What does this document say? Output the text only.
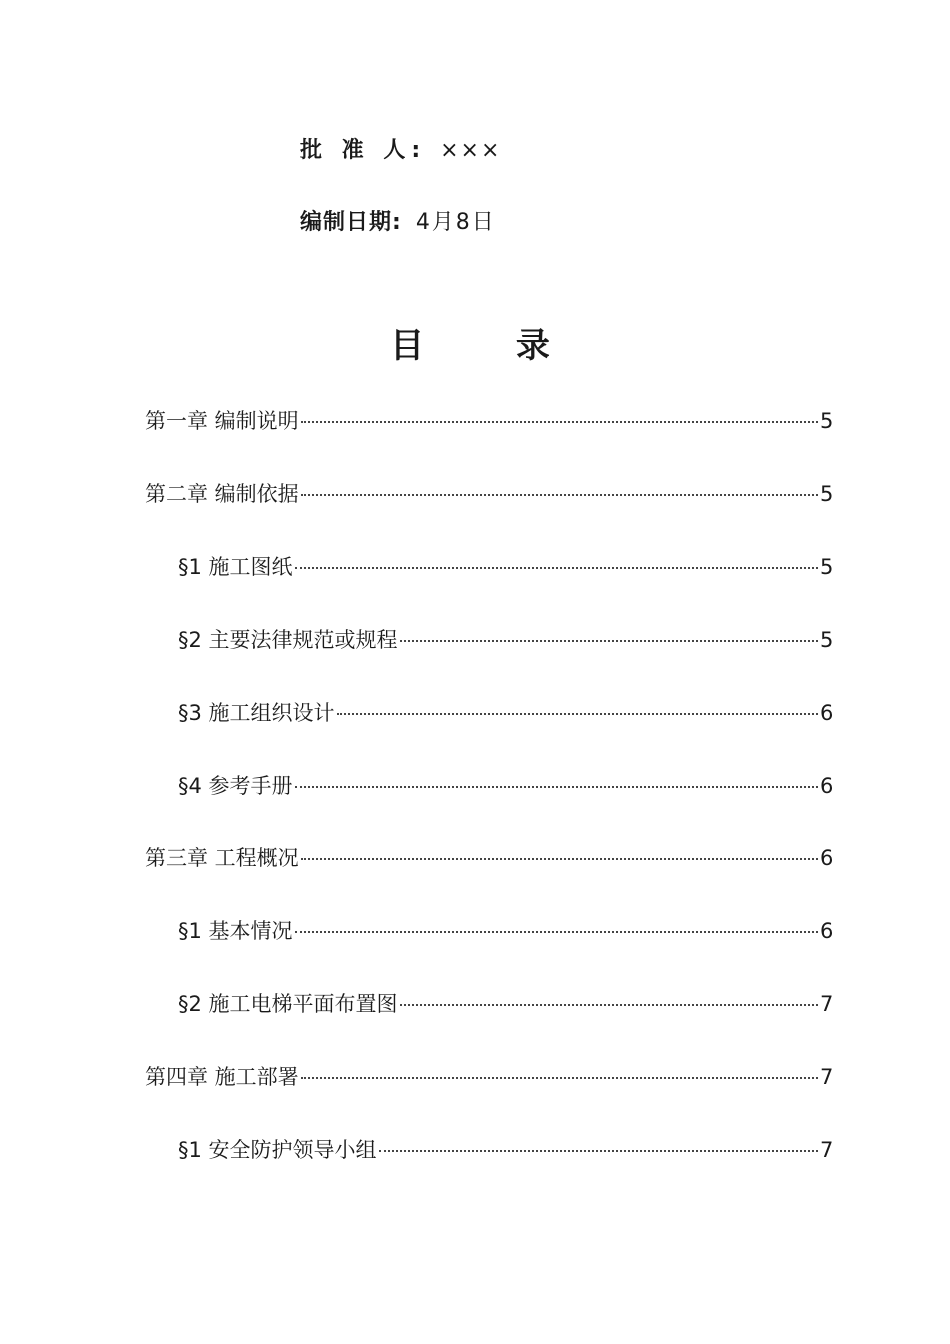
批 准 人: ×××
编制日期: 4月8日
目 录
第一章 编制说明	5
第二章 编制依据	5
§1 施工图纸	5
§2 主要法律规范或规程	5
§3 施工组织设计	6
§4 参考手册	6
第三章 工程概况	6
§1 基本情况	6
§2 施工电梯平面布置图	7
第四章 施工部署	7
§1 安全防护领导小组	7
